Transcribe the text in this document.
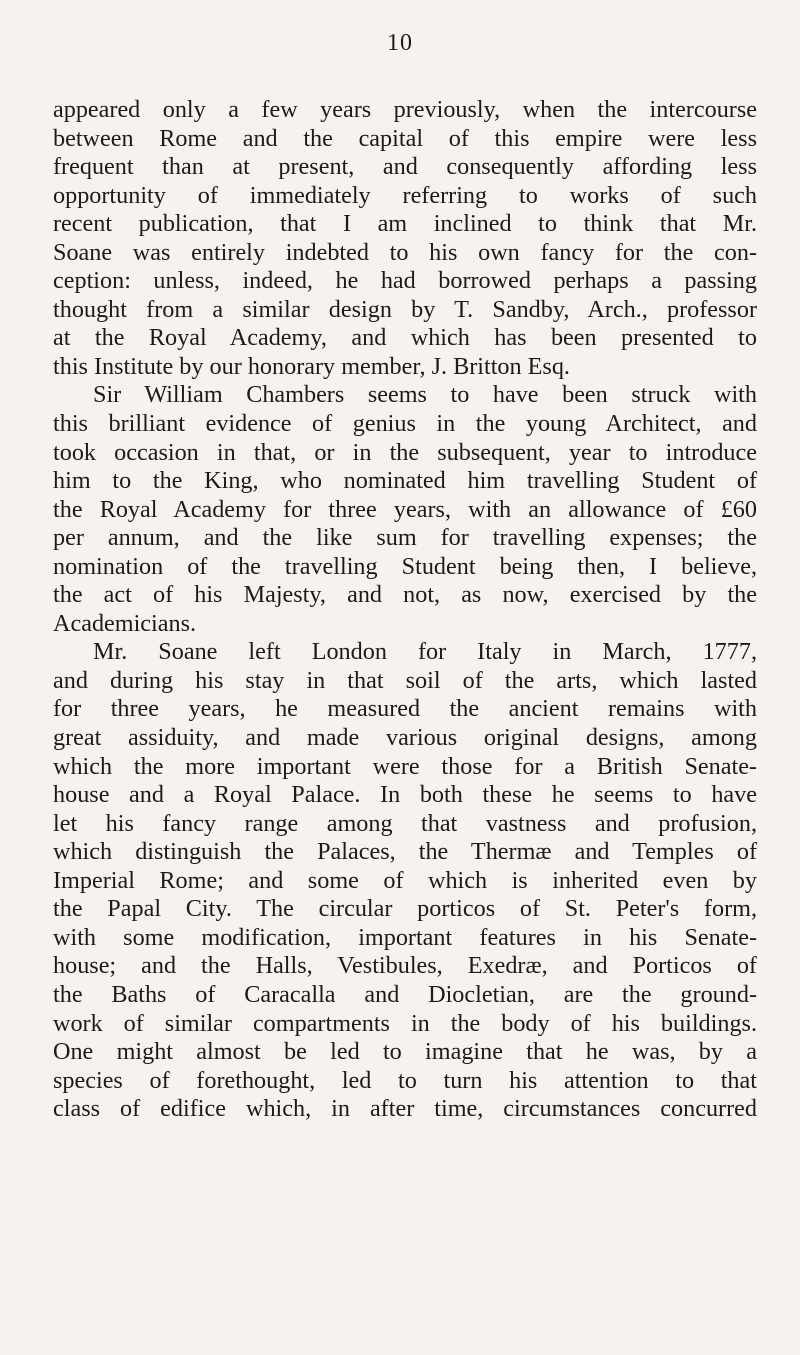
10
appeared only a few years previously, when the intercourse
between Rome and the capital of this empire were less
frequent than at present, and consequently affording less
opportunity of immediately referring to works of such
recent publication, that I am inclined to think that Mr.
Soane was entirely indebted to his own fancy for the con-
ception: unless, indeed, he had borrowed perhaps a passing
thought from a similar design by T. Sandby, Arch., professor
at the Royal Academy, and which has been presented to
this Institute by our honorary member, J. Britton Esq.
Sir William Chambers seems to have been struck with
this brilliant evidence of genius in the young Architect, and
took occasion in that, or in the subsequent, year to introduce
him to the King, who nominated him travelling Student of
the Royal Academy for three years, with an allowance of £60
per annum, and the like sum for travelling expenses; the
nomination of the travelling Student being then, I believe,
the act of his Majesty, and not, as now, exercised by the
Academicians.
Mr. Soane left London for Italy in March, 1777,
and during his stay in that soil of the arts, which lasted
for three years, he measured the ancient remains with
great assiduity, and made various original designs, among
which the more important were those for a British Senate-
house and a Royal Palace. In both these he seems to have
let his fancy range among that vastness and profusion,
which distinguish the Palaces, the Thermæ and Temples of
Imperial Rome; and some of which is inherited even by
the Papal City. The circular porticos of St. Peter's form,
with some modification, important features in his Senate-
house; and the Halls, Vestibules, Exedræ, and Porticos of
the Baths of Caracalla and Diocletian, are the ground-
work of similar compartments in the body of his buildings.
One might almost be led to imagine that he was, by a
species of forethought, led to turn his attention to that
class of edifice which, in after time, circumstances concurred
